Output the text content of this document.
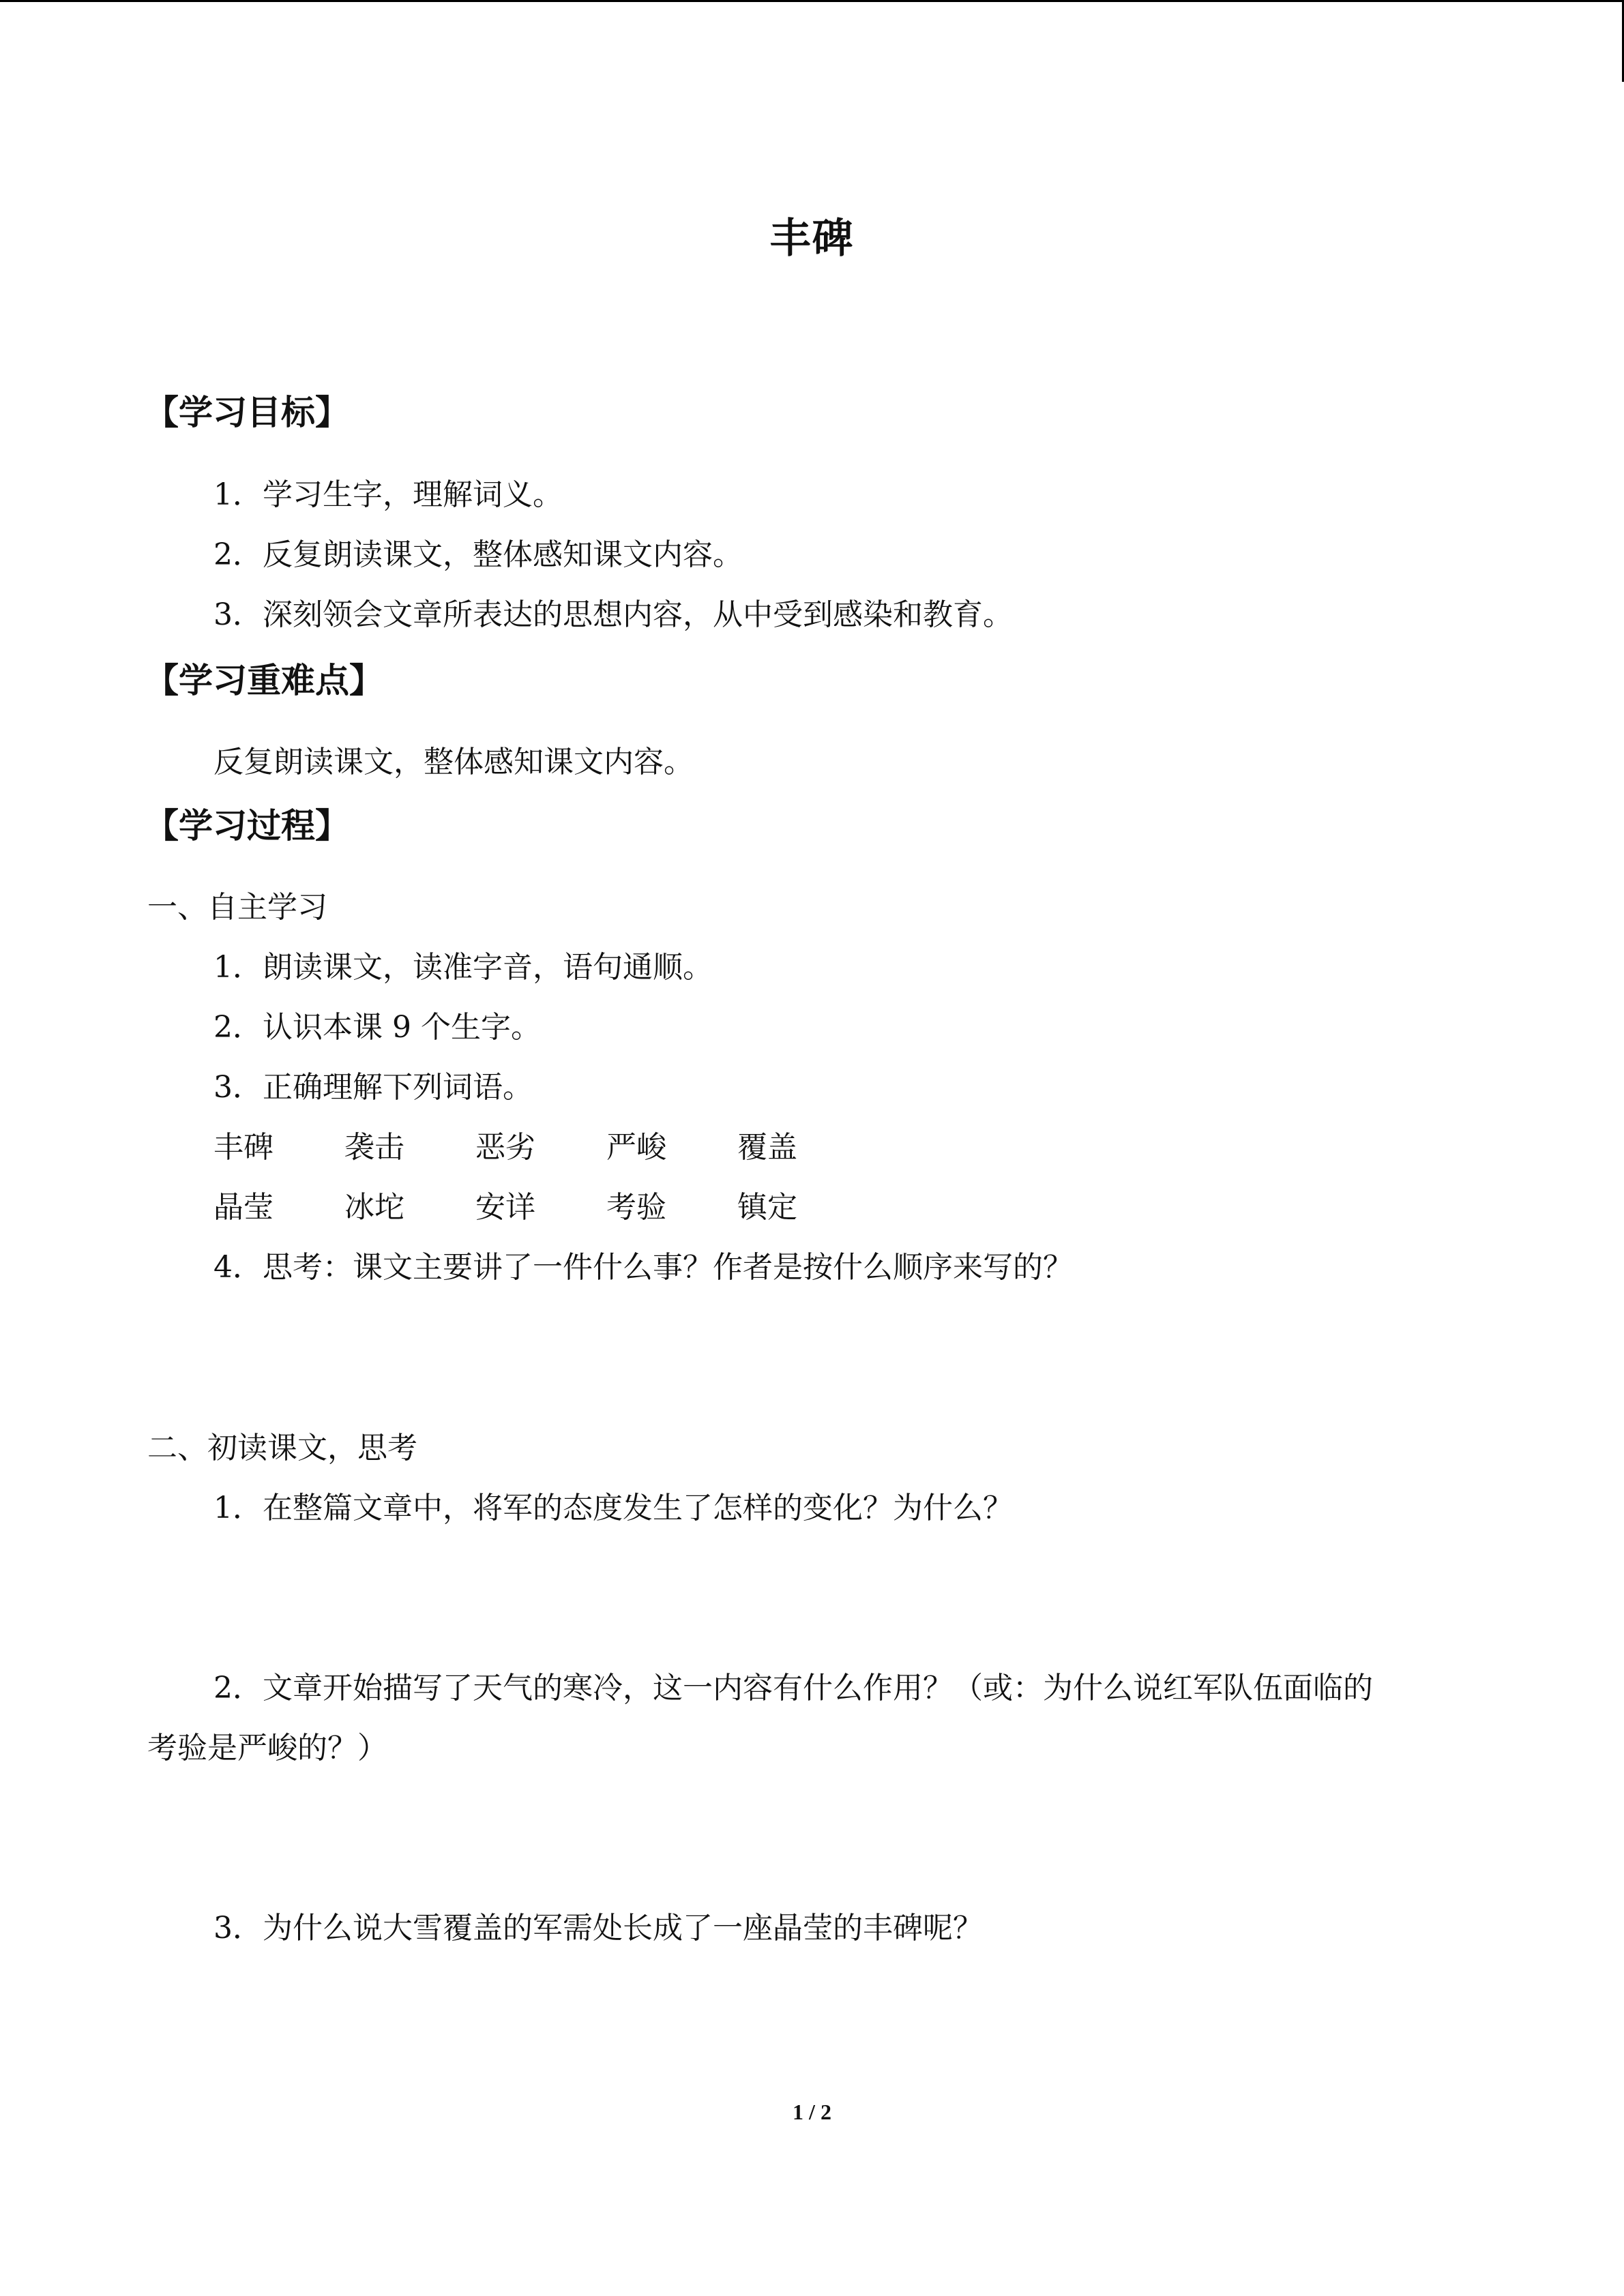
丰碑
【学习目标】
1．学习生字，理解词义。
2．反复朗读课文，整体感知课文内容。
3．深刻领会文章所表达的思想内容，从中受到感染和教育。
【学习重难点】
反复朗读课文，整体感知课文内容。
【学习过程】
一、自主学习
1．朗读课文，读准字音，语句通顺。
2．认识本课 9 个生字。
3．正确理解下列词语。
丰碑 袭击 恶劣 严峻 覆盖
晶莹 冰坨 安详 考验 镇定
4．思考：课文主要讲了一件什么事？作者是按什么顺序来写的？
二、初读课文，思考
1．在整篇文章中，将军的态度发生了怎样的变化？为什么？
2．文章开始描写了天气的寒冷，这一内容有什么作用？（或：为什么说红军队伍面临的
考验是严峻的？）
3．为什么说大雪覆盖的军需处长成了一座晶莹的丰碑呢？
1 / 2
